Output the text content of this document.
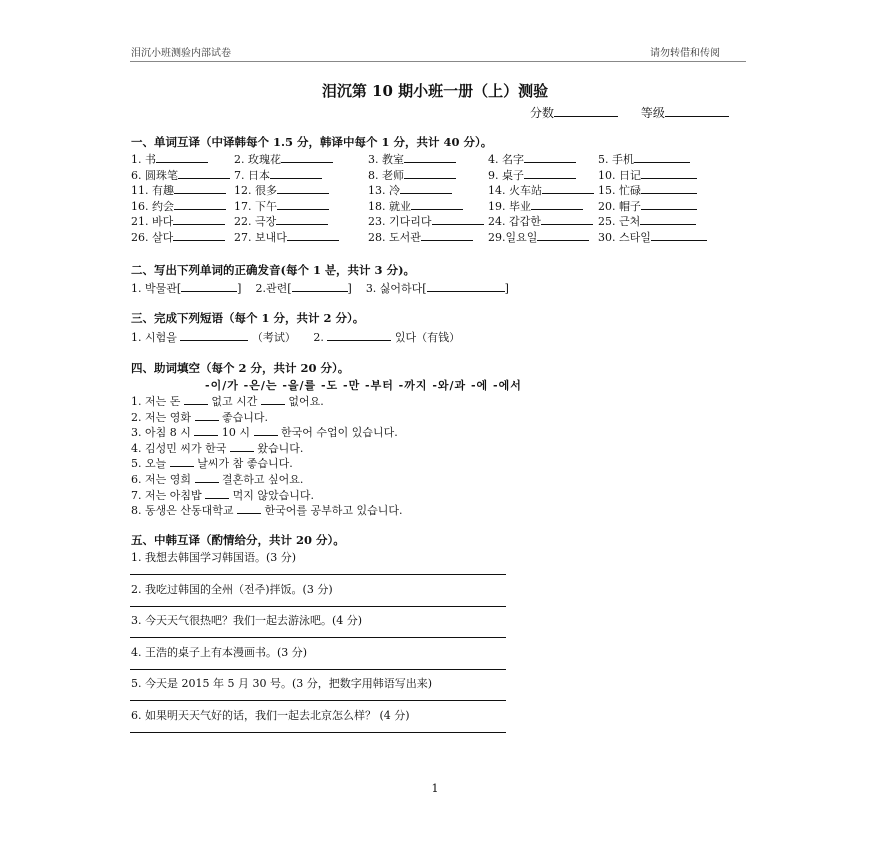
泪沉小班测验内部试卷	请勿转借和传阅
泪沉第 10 期小班一册（上）测验
分数	等级
一、单词互译（中译韩每个 1.5 分，韩译中每个 1 分，共计 40 分）。
1. 书	2. 玫瑰花	3. 教室	4. 名字	5. 手机
6. 圆珠笔	7. 日本	8. 老师	9. 桌子	10. 日记
11. 有趣	12. 很多	13. 冷	14. 火车站	15. 忙碌
16. 约会	17. 下午	18. 就业	19. 毕业	20. 帽子
21. 바다	22. 극장	23. 기다리다	24. 갑갑한	25. 근처
26. 살다	27. 보내다	28. 도서관	29.일요일	30. 스타일
二、写出下列单词的正确发音(每个 1 분，共计 3 分)。
1. 박물관[	] 2.관련[	] 3. 싫어하다[	]
三、完成下列短语（每个 1 分，共计 2 分）。
1. 시험을	（考试） 2.	있다（有钱）
四、助词填空（每个 2 分，共计 20 分）。
-이/가 -은/는 -을/를 -도 -만 -부터 -까지 -와/과 -에 -에서
1. 저는 돈	없고 시간	없어요.
2. 저는 영화	좋습니다.
3. 아침 8 시	10 시	한국어 수업이 있습니다.
4. 김성민 씨가 한국	왔습니다.
5. 오늘	날씨가 참 좋습니다.
6. 저는 영희	결혼하고 싶어요.
7. 저는 아침밥	먹지 않았습니다.
8. 동생은 산동대학교	한국어를 공부하고 있습니다.
五、中韩互译（酌情给分，共计 20 分）。
1. 我想去韩国学习韩国语。(3 分)
2. 我吃过韩国的全州（전주)拌饭。(3 分)
3. 今天天气很热吧？我们一起去游泳吧。(4 分)
4. 王浩的桌子上有本漫画书。(3 分)
5. 今天是 2015 年 5 月 30 号。(3 分，把数字用韩语写出来)
6. 如果明天天气好的话，我们一起去北京怎么样？ (4 分)
1
